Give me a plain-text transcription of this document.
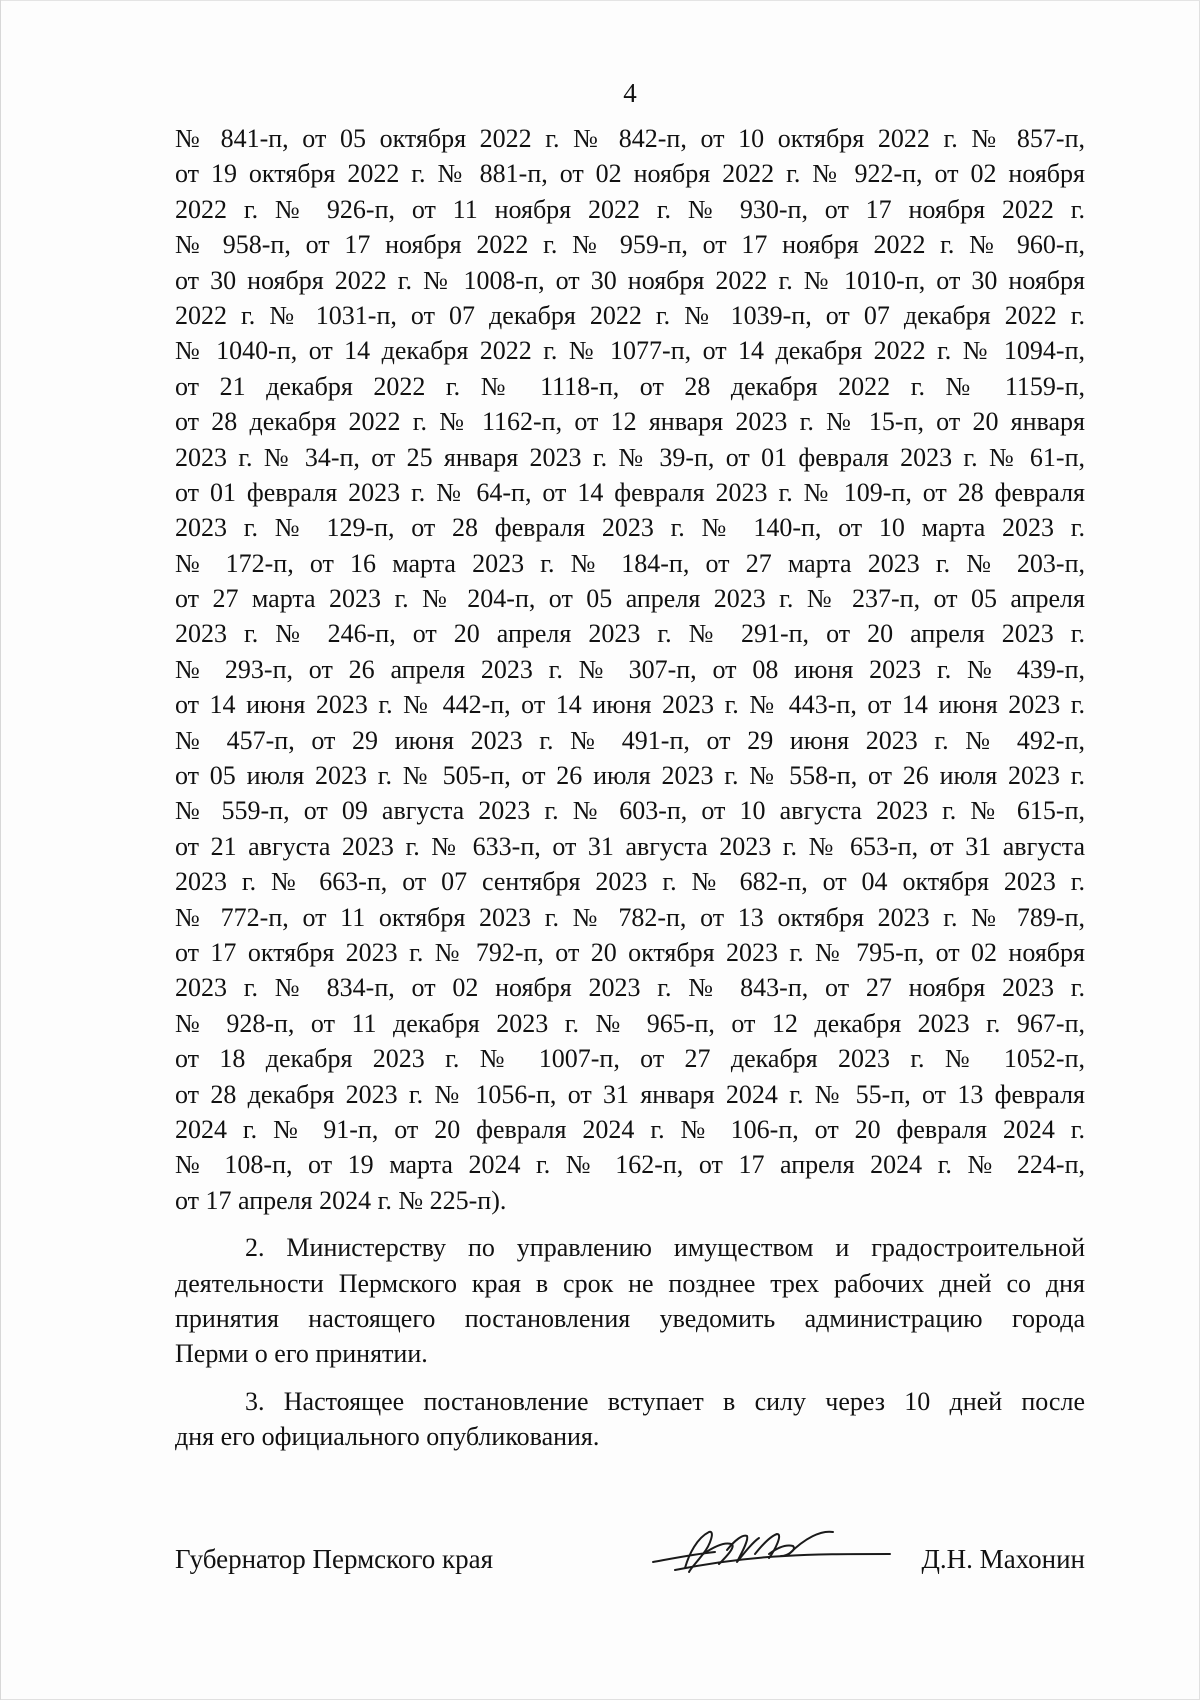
4
№ 841-п, от 05 октября 2022 г. № 842-п, от 10 октября 2022 г. № 857-п,
от 19 октября 2022 г. № 881-п, от 02 ноября 2022 г. № 922-п, от 02 ноября
2022 г. № 926-п, от 11 ноября 2022 г. № 930-п, от 17 ноября 2022 г.
№ 958-п, от 17 ноября 2022 г. № 959-п, от 17 ноября 2022 г. № 960-п,
от 30 ноября 2022 г. № 1008-п, от 30 ноября 2022 г. № 1010-п, от 30 ноября
2022 г. № 1031-п, от 07 декабря 2022 г. № 1039-п, от 07 декабря 2022 г.
№ 1040-п, от 14 декабря 2022 г. № 1077-п, от 14 декабря 2022 г. № 1094-п,
от 21 декабря 2022 г. № 1118-п, от 28 декабря 2022 г. № 1159-п,
от 28 декабря 2022 г. № 1162-п, от 12 января 2023 г. № 15-п, от 20 января
2023 г. № 34-п, от 25 января 2023 г. № 39-п, от 01 февраля 2023 г. № 61-п,
от 01 февраля 2023 г. № 64-п, от 14 февраля 2023 г. № 109-п, от 28 февраля
2023 г. № 129-п, от 28 февраля 2023 г. № 140-п, от 10 марта 2023 г.
№ 172-п, от 16 марта 2023 г. № 184-п, от 27 марта 2023 г. № 203-п,
от 27 марта 2023 г. № 204-п, от 05 апреля 2023 г. № 237-п, от 05 апреля
2023 г. № 246-п, от 20 апреля 2023 г. № 291-п, от 20 апреля 2023 г.
№ 293-п, от 26 апреля 2023 г. № 307-п, от 08 июня 2023 г. № 439-п,
от 14 июня 2023 г. № 442-п, от 14 июня 2023 г. № 443-п, от 14 июня 2023 г.
№ 457-п, от 29 июня 2023 г. № 491-п, от 29 июня 2023 г. № 492-п,
от 05 июля 2023 г. № 505-п, от 26 июля 2023 г. № 558-п, от 26 июля 2023 г.
№ 559-п, от 09 августа 2023 г. № 603-п, от 10 августа 2023 г. № 615-п,
от 21 августа 2023 г. № 633-п, от 31 августа 2023 г. № 653-п, от 31 августа
2023 г. № 663-п, от 07 сентября 2023 г. № 682-п, от 04 октября 2023 г.
№ 772-п, от 11 октября 2023 г. № 782-п, от 13 октября 2023 г. № 789-п,
от 17 октября 2023 г. № 792-п, от 20 октября 2023 г. № 795-п, от 02 ноября
2023 г. № 834-п, от 02 ноября 2023 г. № 843-п, от 27 ноября 2023 г.
№ 928-п, от 11 декабря 2023 г. № 965-п, от 12 декабря 2023 г. 967-п,
от 18 декабря 2023 г. № 1007-п, от 27 декабря 2023 г. № 1052-п,
от 28 декабря 2023 г. № 1056-п, от 31 января 2024 г. № 55-п, от 13 февраля
2024 г. № 91-п, от 20 февраля 2024 г. № 106-п, от 20 февраля 2024 г.
№ 108-п, от 19 марта 2024 г. № 162-п, от 17 апреля 2024 г. № 224-п,
от 17 апреля 2024 г. № 225-п).
2. Министерству по управлению имуществом и градостроительной
деятельности Пермского края в срок не позднее трех рабочих дней со дня
принятия настоящего постановления уведомить администрацию города
Перми о его принятии.
3. Настоящее постановление вступает в силу через 10 дней после
дня его официального опубликования.
Губернатор Пермского края	Д.Н. Махонин
